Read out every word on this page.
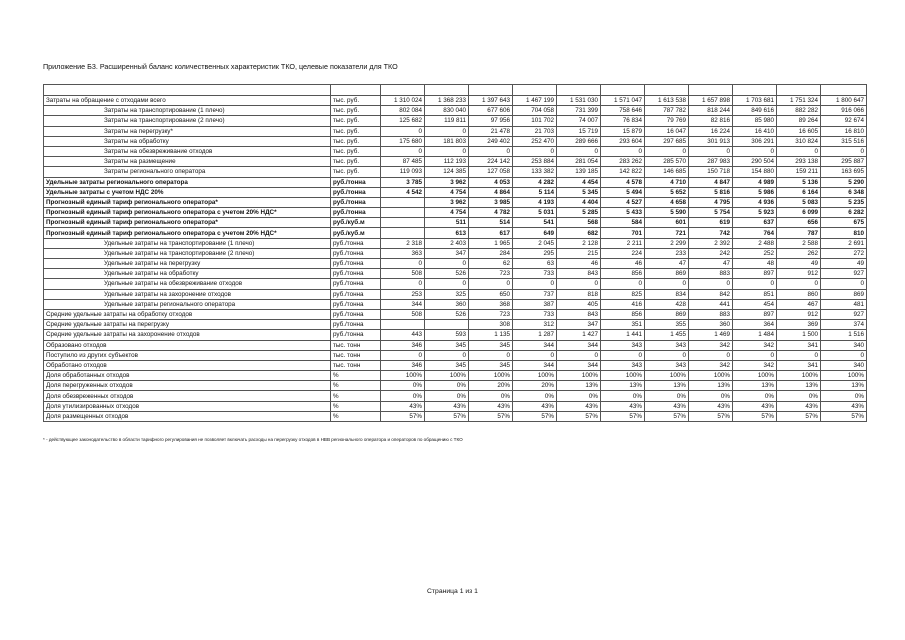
Приложение Б3. Расширенный баланс количественных характеристик ТКО, целевые показатели для ТКО

Затраты на обращение с отходами всего	тыс. руб.	1 310 024	1 368 233	1 397 643	1 467 199	1 531 030	1 571 047	1 613 538	1 657 898	1 703 681	1 751 324	1 800 647
Затраты на транспортирование (1 плечо)	тыс. руб.	802 084	830 040	677 606	704 058	731 399	758 646	787 782	818 244	849 616	882 282	916 066
Затраты на транспортирование (2 плечо)	тыс. руб.	125 682	119 811	97 956	101 702	74 007	76 834	79 769	82 816	85 980	89 264	92 674
Затраты на перегрузку*	тыс. руб.	0	0	21 478	21 703	15 719	15 879	16 047	16 224	16 410	16 605	16 810
Затраты на обработку	тыс. руб.	175 680	181 803	249 402	252 470	289 666	293 604	297 685	301 913	306 291	310 824	315 516
Затраты на обезвреживание отходов	тыс. руб.	0	0	0	0	0	0	0	0	0	0	0
Затраты на размещение	тыс. руб.	87 485	112 193	224 142	253 884	281 054	283 262	285 570	287 983	290 504	293 138	295 887
Затраты регионального оператора	тыс. руб.	119 093	124 385	127 058	133 382	139 185	142 822	146 685	150 718	154 880	159 211	163 695
Удельные затраты регионального оператора	руб./тонна	3 785	3 962	4 053	4 282	4 454	4 578	4 710	4 847	4 989	5 136	5 290
Удельные затраты с учетом НДС 20%	руб./тонна	4 542	4 754	4 864	5 114	5 345	5 494	5 652	5 816	5 986	6 164	6 348
Прогнозный единый тариф регионального оператора*	руб./тонна		3 962	3 985	4 193	4 404	4 527	4 658	4 795	4 936	5 083	5 235
Прогнозный единый тариф регионального оператора с учетом 20% НДС*	руб./тонна		4 754	4 782	5 031	5 285	5 433	5 590	5 754	5 923	6 099	6 282
Прогнозный единый тариф регионального оператора*	руб./куб.м		511	514	541	568	584	601	619	637	656	675
Прогнозный единый тариф регионального оператора с учетом 20% НДС*	руб./куб.м		613	617	649	682	701	721	742	764	787	810
Удельные затраты на транспортирование (1 плечо)	руб./тонна	2 318	2 403	1 965	2 045	2 128	2 211	2 299	2 392	2 488	2 588	2 691
Удельные затраты на транспортирование (2 плечо)	руб./тонна	363	347	284	295	215	224	233	242	252	262	272
Удельные затраты на перегрузку	руб./тонна	0	0	62	63	46	46	47	47	48	49	49
Удельные затраты на обработку	руб./тонна	508	526	723	733	843	856	869	883	897	912	927
Удельные затраты на обезвреживание отходов	руб./тонна	0	0	0	0	0	0	0	0	0	0	0
Удельные затраты на захоронение отходов	руб./тонна	253	325	650	737	818	825	834	842	851	860	869
Удельные затраты регионального оператора	руб./тонна	344	360	368	387	405	416	428	441	454	467	481
Средние удельные затраты на обработку отходов	руб./тонна	508	526	723	733	843	856	869	883	897	912	927
Средние удельные затраты на перегрузку	руб./тонна			308	312	347	351	355	360	364	369	374
Средние удельные затраты на захоронение отходов	руб./тонна	443	593	1 135	1 287	1 427	1 441	1 455	1 469	1 484	1 500	1 516
Образовано отходов	тыс. тонн	346	345	345	344	344	343	343	342	342	341	340
Поступило из других субъектов	тыс. тонн	0	0	0	0	0	0	0	0	0	0	0
Обработано отходов	тыс. тонн	346	345	345	344	344	343	343	342	342	341	340
Доля обработанных отходов	%	100%	100%	100%	100%	100%	100%	100%	100%	100%	100%	100%
Доля перегруженных отходов	%	0%	0%	20%	20%	13%	13%	13%	13%	13%	13%	13%
Доля обезвреженных отходов	%	0%	0%	0%	0%	0%	0%	0%	0%	0%	0%	0%
Доля утилизированных отходов	%	43%	43%	43%	43%	43%	43%	43%	43%	43%	43%	43%
Доля размещенных отходов	%	57%	57%	57%	57%	57%	57%	57%	57%	57%	57%	57%
* - действующее законодательство в области тарифного регулирования не позволяет включать расходы на перегрузку отходов в НВВ регионального оператора и операторов по обращению с ТКО
Страница 1 из 1
